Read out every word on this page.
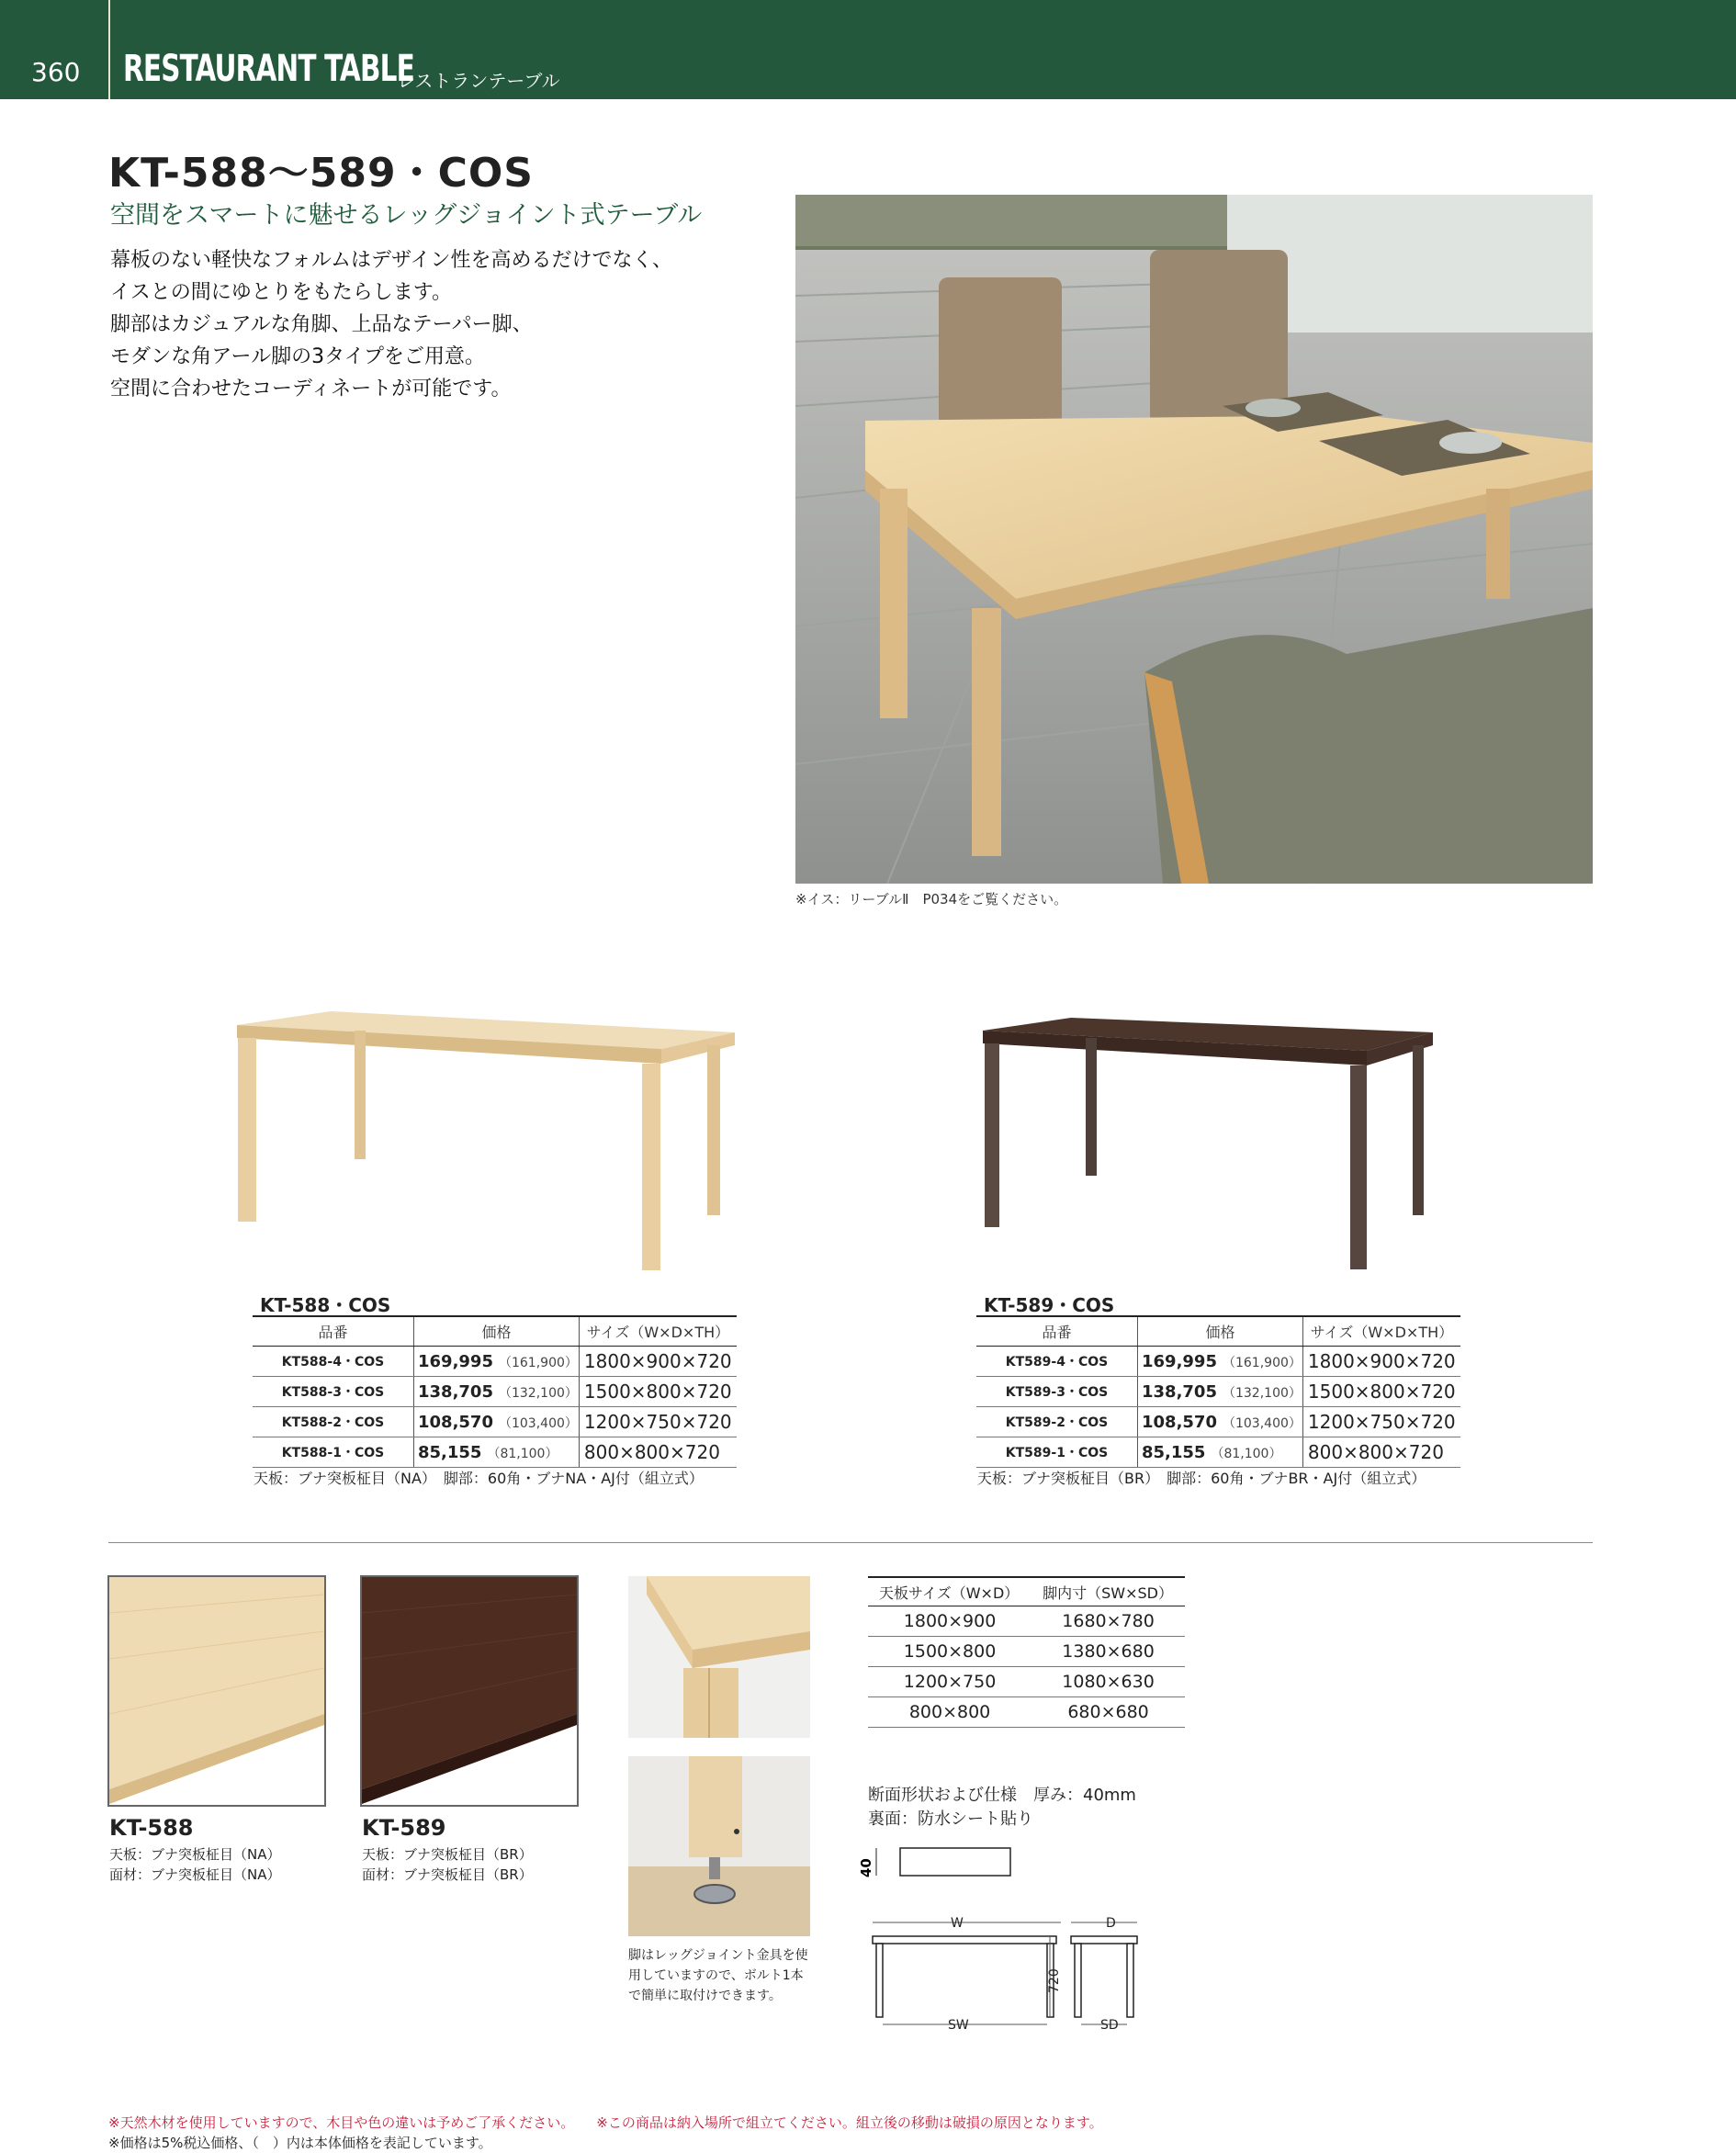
360 RESTAURANT TABLE
レストランテーブル
KT-588～589・COS
空間をスマートに魅せるレッグジョイント式テーブル
幕板のない軽快なフォルムはデザイン性を高めるだけでなく、
イスとの間にゆとりをもたらします。
脚部はカジュアルな角脚、上品なテーパー脚、
モダンな角アール脚の3タイプをご用意。
空間に合わせたコーディネートが可能です。
※イス：リーブルⅡ　P034をご覧ください。
KT-588・COS
品番	価格	サイズ（W×D×TH）
KT588-4・COS	169,995 （161,900）	1800×900×720
KT588-3・COS	138,705 （132,100）	1500×800×720
KT588-2・COS	108,570 （103,400）	1200×750×720
KT588-1・COS	85,155 （81,100）	800×800×720
天板：ブナ突板柾目（NA）　脚部：60角・ブナNA・AJ付（組立式）
KT-589・COS
品番	価格	サイズ（W×D×TH）
KT589-4・COS	169,995 （161,900）	1800×900×720
KT589-3・COS	138,705 （132,100）	1500×800×720
KT589-2・COS	108,570 （103,400）	1200×750×720
KT589-1・COS	85,155 （81,100）	800×800×720
天板：ブナ突板柾目（BR）　脚部：60角・ブナBR・AJ付（組立式）
KT-588
天板：ブナ突板柾目（NA）
面材：ブナ突板柾目（NA）
KT-589
天板：ブナ突板柾目（BR）
面材：ブナ突板柾目（BR）
脚はレッグジョイント金具を使
用していますので、ボルト1本
で簡単に取付けできます。
天板サイズ（W×D）	脚内寸（SW×SD）
1800×900	1680×780
1500×800	1380×680
1200×750	1080×630
800×800	680×680
断面形状および仕様　厚み：40mm
裏面：防水シート貼り
40
W	D
720
SW	SD
※天然木材を使用していますので、木目や色の違いは予めご了承ください。 ※この商品は納入場所で組立てください。組立後の移動は破損の原因となります。
※価格は5%税込価格、（　）内は本体価格を表記しています。
